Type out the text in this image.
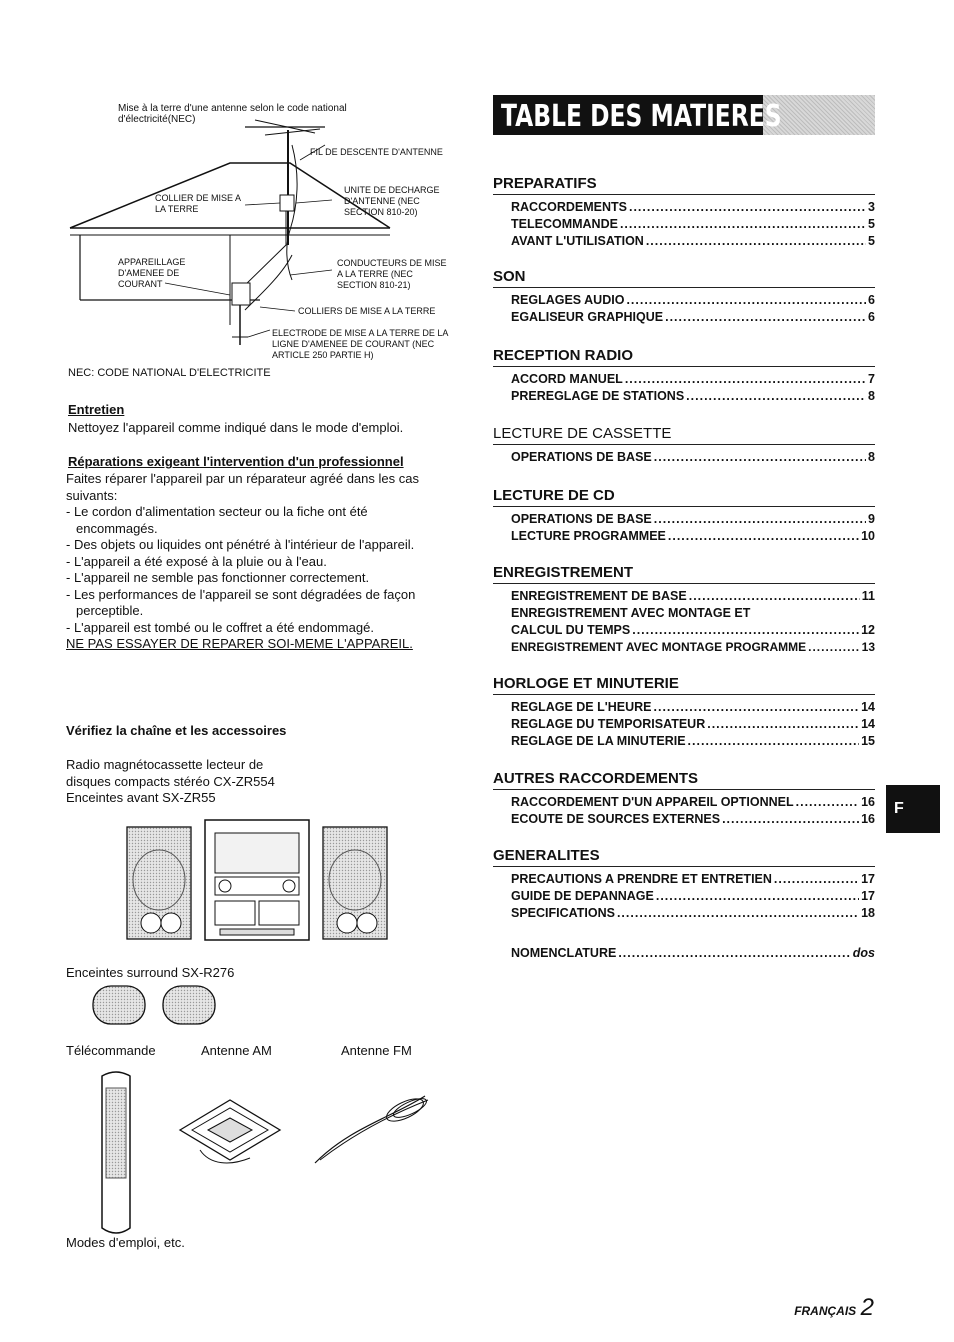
Mise à la terre d'une antenne selon le code national d'électricité(NEC)
FIL DE DESCENTE D'ANTENNE
COLLIER DE MISE A LA TERRE
UNITE DE DECHARGE D'ANTENNE (NEC SECTION 810-20)
APPAREILLAGE D'AMENEE DE COURANT
CONDUCTEURS DE MISE A LA TERRE (NEC SECTION 810-21)
COLLIERS DE MISE A LA TERRE
ELECTRODE DE MISE A LA TERRE DE LA LIGNE D'AMENEE DE COURANT (NEC ARTICLE 250 PARTIE H)
NEC: CODE NATIONAL D'ELECTRICITE
Entretien
Nettoyez l'appareil comme indiqué dans le mode d'emploi.
Réparations exigeant l'intervention d'un professionnel
Faites réparer l'appareil par un réparateur agréé dans les cas suivants:
- Le cordon d'alimentation secteur ou la fiche ont été encommagés.
- Des objets ou liquides ont pénétré à l'intérieur de l'appareil.
- L'appareil a été exposé à la pluie ou à l'eau.
- L'appareil ne semble pas fonctionner correctement.
- Les performances de l'appareil se sont dégradées de façon perceptible.
- L'appareil est tombé ou le coffret a été endommagé.
NE PAS ESSAYER DE REPARER SOI-MEME L'APPAREIL.
Vérifiez la chaîne et les accessoires
Radio magnétocassette lecteur de
disques compacts stéréo CX-ZR554
Enceintes avant SX-ZR55
Enceintes surround SX-R276
Télécommande	Antenne AM	Antenne FM
Modes d'emploi, etc.
TABLE DES MATIERES
PREPARATIFS
RACCORDEMENTS .....	3
TELECOMMANDE .....	5
AVANT L'UTILISATION .....	5
SON
REGLAGES AUDIO .....	6
EGALISEUR GRAPHIQUE .....	6
RECEPTION RADIO
ACCORD MANUEL .....	7
PREREGLAGE DE STATIONS .....	8
LECTURE DE CASSETTE
OPERATIONS DE BASE .....	8
LECTURE DE CD
OPERATIONS DE BASE .....	9
LECTURE PROGRAMMEE .....	10
ENREGISTREMENT
ENREGISTREMENT DE BASE .....	11
ENREGISTREMENT AVEC MONTAGE ET
CALCUL DU TEMPS .....	12
ENREGISTREMENT AVEC MONTAGE PROGRAMME .....	13
HORLOGE ET MINUTERIE
REGLAGE DE L'HEURE .....	14
REGLAGE DU TEMPORISATEUR .....	14
REGLAGE DE LA MINUTERIE .....	15
AUTRES RACCORDEMENTS
RACCORDEMENT D'UN APPAREIL OPTIONNEL .....	16
ECOUTE DE SOURCES EXTERNES .....	16
GENERALITES
PRECAUTIONS A PRENDRE ET ENTRETIEN .....	17
GUIDE DE DEPANNAGE .....	17
SPECIFICATIONS .....	18
NOMENCLATURE .....	dos
F
FRANÇAIS 2
